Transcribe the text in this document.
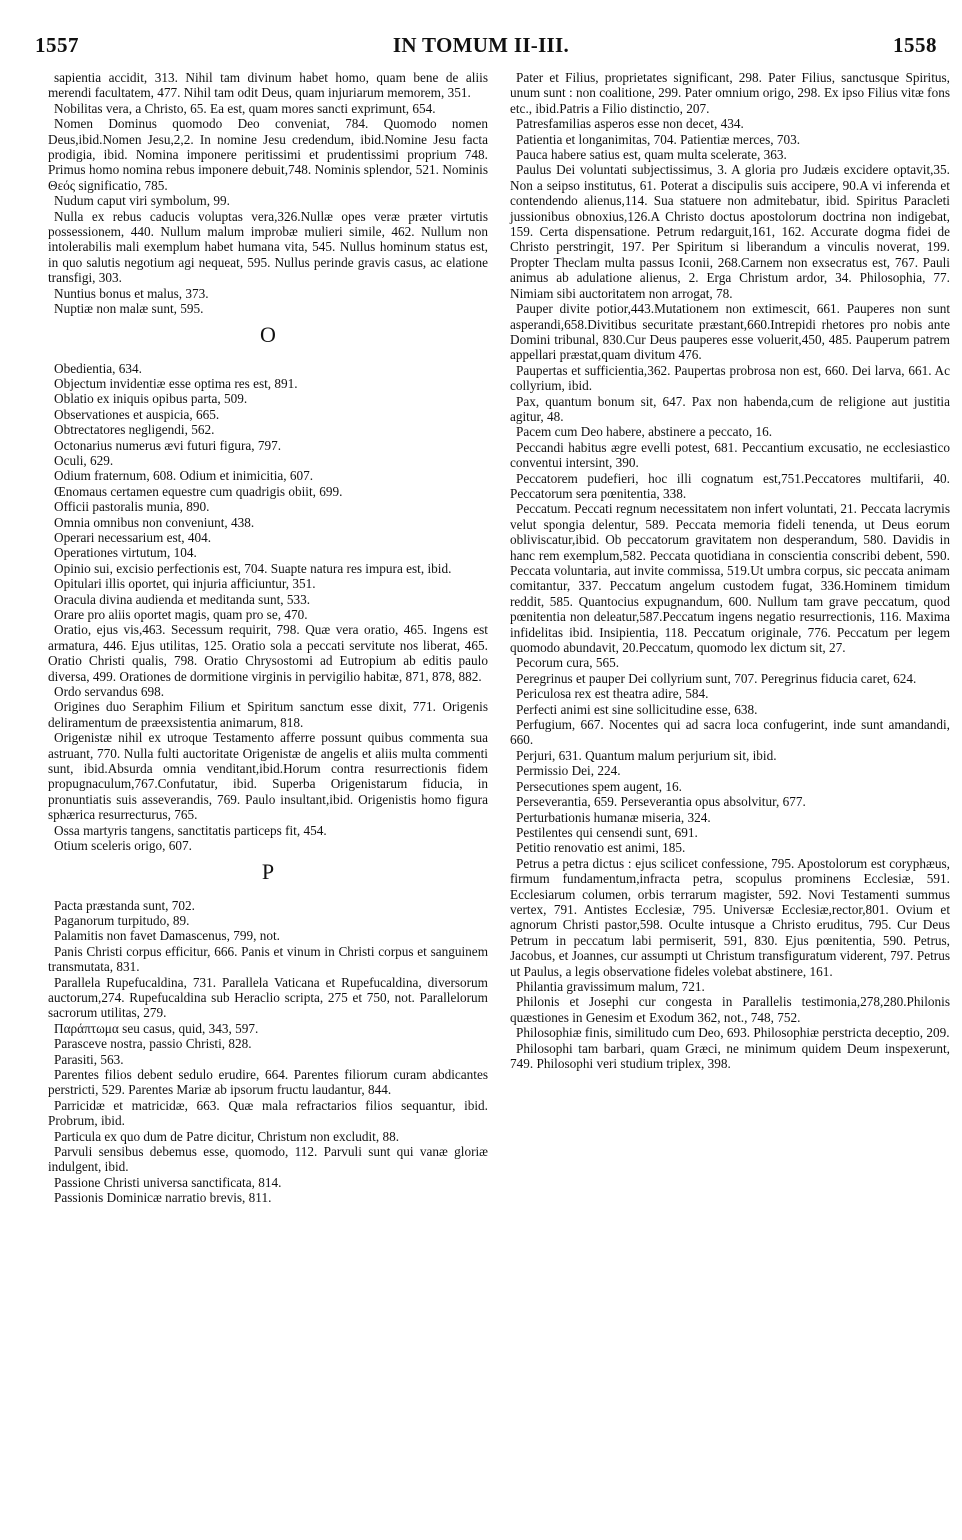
1557	IN TOMUM II-III.	1558

sapientia accidit, 313. Nihil tam divinum habet homo, quam bene de aliis merendi facultatem, 477. Nihil tam odit Deus, quam injuriarum memorem, 351.

Nobilitas vera, a Christo, 65. Ea est, quam mores sancti exprimunt, 654.

Nomen Dominus quomodo Deo conveniat, 784. Quomodo nomen Deus,ibid.Nomen Jesu,2,2. In nomine Jesu credendum, ibid.Nomine Jesu facta prodigia, ibid. Nomina imponere peritissimi et prudentissimi proprium 748. Primus homo nomina rebus imponere debuit,748. Nominis splendor, 521. Nominis Θεός significatio, 785.

Nudum caput viri symbolum, 99.

Nulla ex rebus caducis voluptas vera,326.Nullæ opes veræ præter virtutis possessionem, 440. Nullum malum improbæ mulieri simile, 462. Nullum non intolerabilis mali exemplum habet humana vita, 545. Nullus hominum status est, in quo salutis negotium agi nequeat, 595. Nullus perinde gravis casus, ac elatione transfigi, 303.

Nuntius bonus et malus, 373.

Nuptiæ non malæ sunt, 595.

O

Obedientia, 634.

Objectum invidentiæ esse optima res est, 891.

Oblatio ex iniquis opibus parta, 509.

Observationes et auspicia, 665.

Obtrectatores negligendi, 562.

Octonarius numerus ævi futuri figura, 797.

Oculi, 629.

Odium fraternum, 608. Odium et inimicitia, 607.

Œnomaus certamen equestre cum quadrigis obiit, 699.

Officii pastoralis munia, 890.

Omnia omnibus non conveniunt, 438.

Operari necessarium est, 404.

Operationes virtutum, 104.

Opinio sui, excisio perfectionis est, 704. Suapte natura res impura est, ibid.

Opitulari illis oportet, qui injuria afficiuntur, 351.

Oracula divina audienda et meditanda sunt, 533.

Orare pro aliis oportet magis, quam pro se, 470.

Oratio, ejus vis,463. Secessum requirit, 798. Quæ vera oratio, 465. Ingens est armatura, 446. Ejus utilitas, 125. Oratio sola a peccati servitute nos liberat, 465. Oratio Christi qualis, 798. Oratio Chrysostomi ad Eutropium ab editis paulo diversa, 499. Orationes de dormitione virginis in pervigilio habitæ, 871, 878, 882.

Ordo servandus 698.

Origines duo Seraphim Filium et Spiritum sanctum esse dixit, 771. Origenis deliramentum de præexsistentia animarum, 818.

Origenistæ nihil ex utroque Testamento afferre possunt quibus commenta sua astruant, 770. Nulla fulti auctoritate Origenistæ de angelis et aliis multa commenti sunt, ibid.Absurda omnia venditant,ibid.Horum contra resurrectionis fidem propugnaculum,767.Confutatur, ibid. Superba Origenistarum fiducia, in pronuntiatis suis asseverandis, 769. Paulo insultant,ibid. Origenistis homo figura sphærica resurrecturus, 765.

Ossa martyris tangens, sanctitatis particeps fit, 454.

Otium sceleris origo, 607.

P

Pacta præstanda sunt, 702.

Paganorum turpitudo, 89.

Palamitis non favet Damascenus, 799, not.

Panis Christi corpus efficitur, 666. Panis et vinum in Christi corpus et sanguinem transmutata, 831.

Parallela Rupefucaldina, 731. Parallela Vaticana et Rupefucaldina, diversorum auctorum,274. Rupefucaldina sub Heraclio scripta, 275 et 750, not. Parallelorum sacrorum utilitas, 279.

Παράπτωμα seu casus, quid, 343, 597.

Parasceve nostra, passio Christi, 828.

Parasiti, 563.

Parentes filios debent sedulo erudire, 664. Parentes filiorum curam abdicantes perstricti, 529. Parentes Mariæ ab ipsorum fructu laudantur, 844.

Parricidæ et matricidæ, 663. Quæ mala refractarios filios sequantur, ibid. Probrum, ibid.

Particula ex quo dum de Patre dicitur, Christum non excludit, 88.

Parvuli sensibus debemus esse, quomodo, 112. Parvuli sunt qui vanæ gloriæ indulgent, ibid.

Passione Christi universa sanctificata, 814.

Passionis Dominicæ narratio brevis, 811.

Pater et Filius, proprietates significant, 298. Pater Filius, sanctusque Spiritus, unum sunt : non coalitione, 299. Pater omnium origo, 298. Ex ipso Filius vitæ fons etc., ibid.Patris a Filio distinctio, 207.

Patresfamilias asperos esse non decet, 434.

Patientia et longanimitas, 704. Patientiæ merces, 703.

Pauca habere satius est, quam multa scelerate, 363.

Paulus Dei voluntati subjectissimus, 3. A gloria pro Judæis excidere optavit,35. Non a seipso institutus, 61. Poterat a discipulis suis accipere, 90.A vi inferenda et contendendo alienus,114. Sua statuere non admitebatur, ibid. Spiritus Paracleti jussionibus obnoxius,126.A Christo doctus apostolorum doctrina non indigebat, 159. Certa dispensatione. Petrum redarguit,161, 162. Accurate dogma fidei de Christo perstringit, 197. Per Spiritum si liberandum a vinculis noverat, 199. Propter Theclam multa passus Iconii, 268.Carnem non exsecratus est, 767. Pauli animus ab adulatione alienus, 2. Erga Christum ardor, 34. Philosophia, 77. Nimiam sibi auctoritatem non arrogat, 78.

Pauper divite potior,443.Mutationem non extimescit, 661. Pauperes non sunt asperandi,658.Divitibus securitate præstant,660.Intrepidi rhetores pro nobis ante Domini tribunal, 830.Cur Deus pauperes esse voluerit,450, 485. Pauperum patrem appellari præstat,quam divitum 476.

Paupertas et sufficientia,362. Paupertas probrosa non est, 660. Dei larva, 661. Ac collyrium, ibid.

Pax, quantum bonum sit, 647. Pax non habenda,cum de religione aut justitia agitur, 48.

Pacem cum Deo habere, abstinere a peccato, 16.

Peccandi habitus ægre evelli potest, 681. Peccantium excusatio, ne ecclesiastico conventui intersint, 390.

Peccatorem pudefieri, hoc illi cognatum est,751.Peccatores multifarii, 40. Peccatorum sera pœnitentia, 338.

Peccatum. Peccati regnum necessitatem non infert voluntati, 21. Peccata lacrymis velut spongia delentur, 589. Peccata memoria fideli tenenda, ut Deus eorum obliviscatur,ibid. Ob peccatorum gravitatem non desperandum, 580. Davidis in hanc rem exemplum,582. Peccata quotidiana in conscientia conscribi debent, 590. Peccata voluntaria, aut invite commissa, 519.Ut umbra corpus, sic peccata animam comitantur, 337. Peccatum angelum custodem fugat, 336.Hominem timidum reddit, 585. Quantocius expugnandum, 600. Nullum tam grave peccatum, quod pœnitentia non deleatur,587.Peccatum ingens negatio resurrectionis, 116. Maxima infidelitas ibid. Insipientia, 118. Peccatum originale, 776. Peccatum per legem quomodo abundavit, 20.Peccatum, quomodo lex dictum sit, 27.

Pecorum cura, 565.

Peregrinus et pauper Dei collyrium sunt, 707. Peregrinus fiducia caret, 624.

Periculosa rex est theatra adire, 584.

Perfecti animi est sine sollicitudine esse, 638.

Perfugium, 667. Nocentes qui ad sacra loca confugerint, inde sunt amandandi, 660.

Perjuri, 631. Quantum malum perjurium sit, ibid.

Permissio Dei, 224.

Persecutiones spem augent, 16.

Perseverantia, 659. Perseverantia opus absolvitur, 677.

Perturbationis humanæ miseria, 324.

Pestilentes qui censendi sunt, 691.

Petitio renovatio est animi, 185.

Petrus a petra dictus : ejus scilicet confessione, 795. Apostolorum est coryphæus, firmum fundamentum,infracta petra, scopulus prominens Ecclesiæ, 591. Ecclesiarum columen, orbis terrarum magister, 592. Novi Testamenti summus vertex, 791. Antistes Ecclesiæ, 795. Universæ Ecclesiæ,rector,801. Ovium et agnorum Christi pastor,598. Oculte intusque a Christo eruditus, 795. Cur Deus Petrum in peccatum labi permiserit, 591, 830. Ejus pœnitentia, 590. Petrus, Jacobus, et Joannes, cur assumpti ut Christum transfiguratum viderent, 797. Petrus ut Paulus, a legis observatione fideles volebat abstinere, 161.

Philantia gravissimum malum, 721.

Philonis et Josephi cur congesta in Parallelis testimonia,278,280.Philonis quæstiones in Genesim et Exodum 362, not., 748, 752.

Philosophiæ finis, similitudo cum Deo, 693. Philosophiæ perstricta deceptio, 209.

Philosophi tam barbari, quam Græci, ne minimum quidem Deum inspexerunt, 749. Philosophi veri studium triplex, 398.
